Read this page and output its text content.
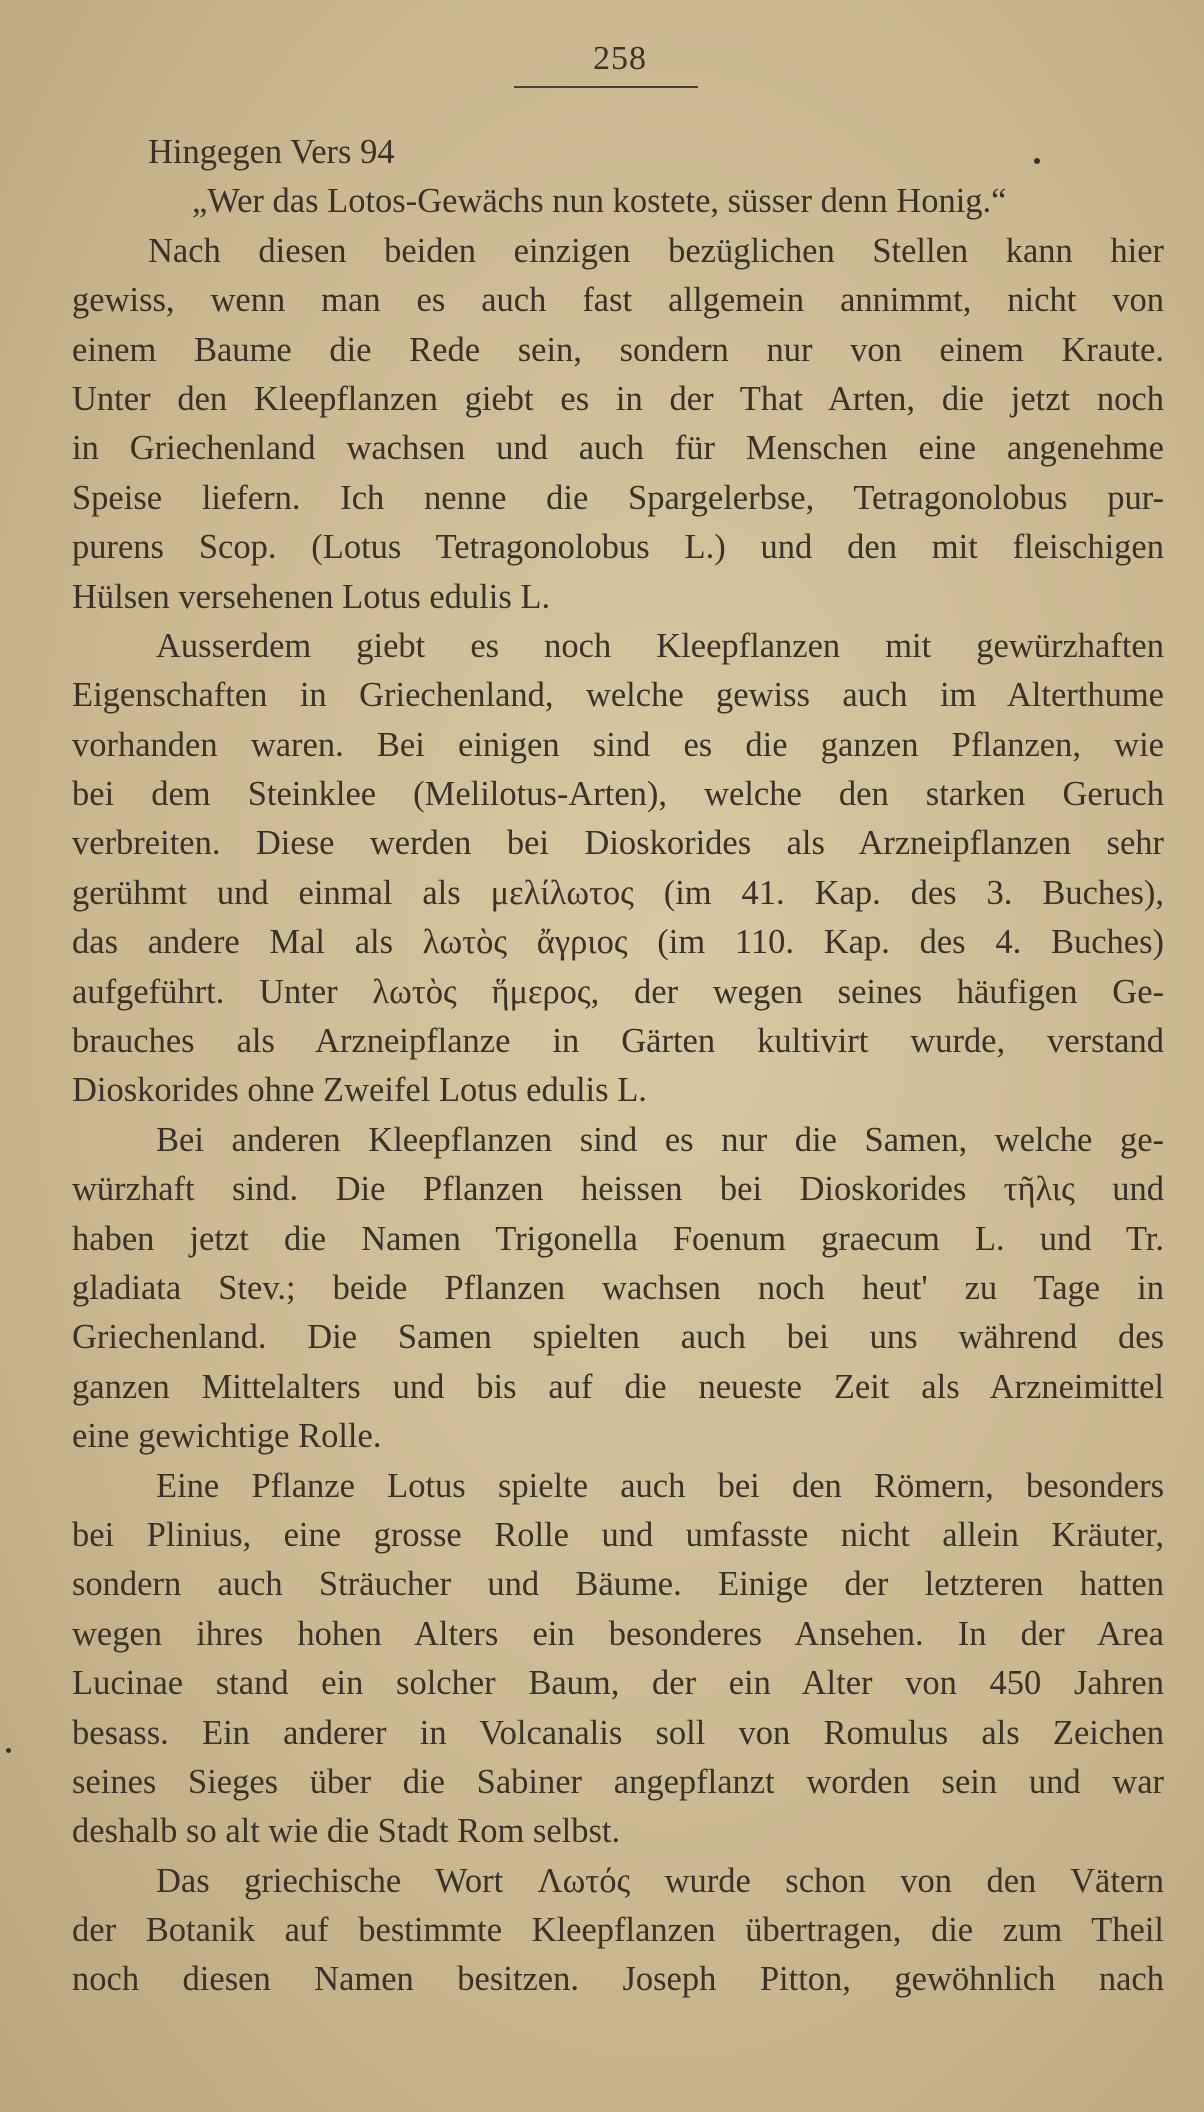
258
Hingegen Vers 94
„Wer das Lotos-Gewächs nun kostete, süsser denn Honig.“
Nach diesen beiden einzigen bezüglichen Stellen kann hier
gewiss, wenn man es auch fast allgemein annimmt, nicht von
einem Baume die Rede sein, sondern nur von einem Kraute.
Unter den Kleepflanzen giebt es in der That Arten, die jetzt noch
in Griechenland wachsen und auch für Menschen eine angenehme
Speise liefern. Ich nenne die Spargelerbse, Tetragonolobus pur-
purens Scop. (Lotus Tetragonolobus L.) und den mit fleischigen
Hülsen versehenen Lotus edulis L.
Ausserdem giebt es noch Kleepflanzen mit gewürzhaften
Eigenschaften in Griechenland, welche gewiss auch im Alterthume
vorhanden waren. Bei einigen sind es die ganzen Pflanzen, wie
bei dem Steinklee (Melilotus-Arten), welche den starken Geruch
verbreiten. Diese werden bei Dioskorides als Arzneipflanzen sehr
gerühmt und einmal als μελίλωτος (im 41. Kap. des 3. Buches),
das andere Mal als λωτὸς ἄγριος (im 110. Kap. des 4. Buches)
aufgeführt. Unter λωτὸς ἥμερος, der wegen seines häufigen Ge-
brauches als Arzneipflanze in Gärten kultivirt wurde, verstand
Dioskorides ohne Zweifel Lotus edulis L.
Bei anderen Kleepflanzen sind es nur die Samen, welche ge-
würzhaft sind. Die Pflanzen heissen bei Dioskorides τῆλις und
haben jetzt die Namen Trigonella Foenum graecum L. und Tr.
gladiata Stev.; beide Pflanzen wachsen noch heut' zu Tage in
Griechenland. Die Samen spielten auch bei uns während des
ganzen Mittelalters und bis auf die neueste Zeit als Arzneimittel
eine gewichtige Rolle.
Eine Pflanze Lotus spielte auch bei den Römern, besonders
bei Plinius, eine grosse Rolle und umfasste nicht allein Kräuter,
sondern auch Sträucher und Bäume. Einige der letzteren hatten
wegen ihres hohen Alters ein besonderes Ansehen. In der Area
Lucinae stand ein solcher Baum, der ein Alter von 450 Jahren
besass. Ein anderer in Volcanalis soll von Romulus als Zeichen
seines Sieges über die Sabiner angepflanzt worden sein und war
deshalb so alt wie die Stadt Rom selbst.
Das griechische Wort Λωτός wurde schon von den Vätern
der Botanik auf bestimmte Kleepflanzen übertragen, die zum Theil
noch diesen Namen besitzen. Joseph Pitton, gewöhnlich nach
